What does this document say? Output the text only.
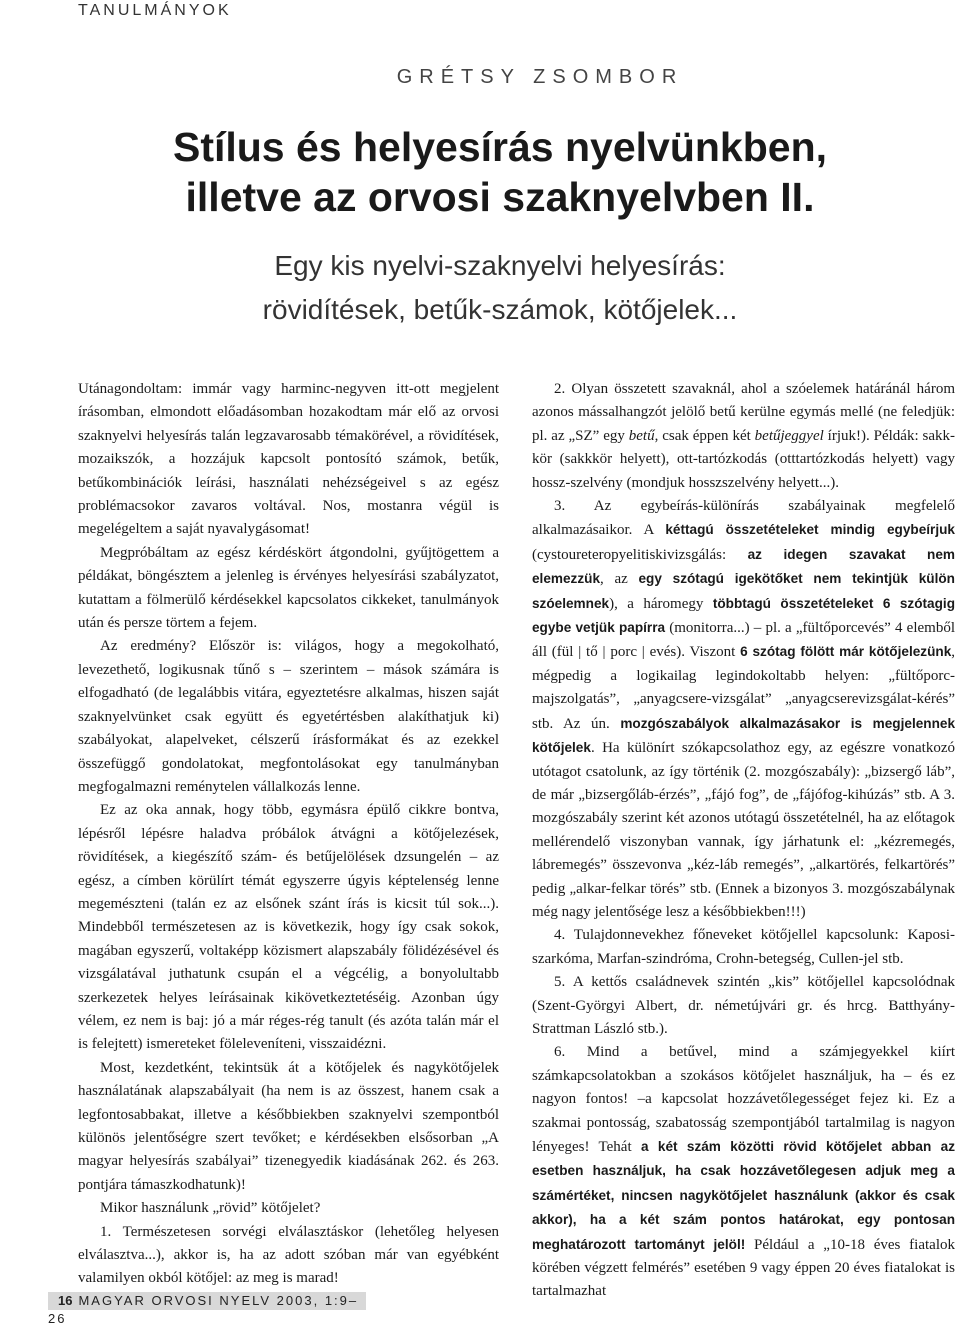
TANULMÁNYOK
GRÉTSY ZSOMBOR
Stílus és helyesírás nyelvünkben,
illetve az orvosi szaknyelvben II.
Egy kis nyelvi-szaknyelvi helyesírás:
rövidítések, betűk-számok, kötőjelek...

Utánagondoltam: immár vagy harminc-negyven itt-ott megjelent írásomban, elmondott előadásomban hozakodtam már elő az orvosi szaknyelvi helyesírás talán legzavarosabb témakörével, a rövidítések, mozaikszók, a hozzájuk kapcsolt pontosító számok, betűk, betűkombinációk leírási, használati nehézségeivel s az egész problémacsokor zavaros voltával. Nos, mostanra végül is megelégeltem a saját nyavalygásomat!

Megpróbáltam az egész kérdéskört átgondolni, gyűjtögettem a példákat, böngésztem a jelenleg is érvényes helyesírási szabályzatot, kutattam a fölmerülő kérdésekkel kapcsolatos cikkeket, tanulmányok után és persze törtem a fejem.

Az eredmény? Először is: világos, hogy a megokolható, levezethető, logikusnak tűnő s – szerintem – mások számára is elfogadható (de legalábbis vitára, egyeztetésre alkalmas, hiszen saját szaknyelvünket csak együtt és egyetértésben alakíthatjuk ki) szabályokat, alapelveket, célszerű írásformákat és az ezekkel összefüggő gondolatokat, megfontolásokat egy tanulmányban megfogalmazni reménytelen vállalkozás lenne.

Ez az oka annak, hogy több, egymásra épülő cikkre bontva, lépésről lépésre haladva próbálok átvágni a kötőjelezések, rövidítések, a kiegészítő szám- és betűjelölések dzsungelén – az egész, a címben körülírt témát egyszerre úgyis képtelenség lenne megemészteni (talán ez az elsőnek szánt írás is kicsit túl sok...). Mindebből természetesen az is következik, hogy így csak sokok, magában egyszerű, voltaképp közismert alapszabály fölidézésével és vizsgálatával juthatunk csupán el a végcélig, a bonyolultabb szerkezetek helyes leírásainak kikövetkeztetéséig. Azonban úgy vélem, ez nem is baj: jó a már réges-rég tanult (és azóta talán már el is felejtett) ismereteket föleleveníteni, visszaidézni.

Most, kezdetként, tekintsük át a kötőjelek és nagykötőjelek használatának alapszabályait (ha nem is az összest, hanem csak a legfontosabbakat, illetve a későbbiekben szaknyelvi szempontból különös jelentőségre szert tevőket; e kérdésekben elsősorban „A magyar helyesírás szabályai” tizenegyedik kiadásának 262. és 263. pontjára támaszkodhatunk)!

Mikor használunk „rövid” kötőjelet?

1. Természetesen sorvégi elválasztáskor (lehetőleg helyesen elválasztva...), akkor is, ha az adott szóban már van egyébként valamilyen okból kötőjel: az meg is marad!

2. Olyan összetett szavaknál, ahol a szóelemek határánál három azonos mássalhangzót jelölő betű kerülne egymás mellé (ne feledjük: pl. az „SZ” egy betű, csak éppen két betűjeggyel írjuk!). Példák: sakk-kör (sakkkör helyett), ott-tartózkodás (otttartózkodás helyett) vagy hossz-szelvény (mondjuk hosszszelvény helyett...).

3. Az egybeírás-különírás szabályainak megfelelő alkalmazásaikor. A kéttagú összetételeket mindig egybeírjuk (cystoureteropyelitiskivizsgálás: az idegen szavakat nem elemezzük, az egy szótagú igekötőket nem tekintjük külön szóelemnek), a háromegy többtagú összetételeket 6 szótagig egybe vetjük papírra (monitorra...) – pl. a „fültőporcevés” 4 elemből áll (fül | tő | porc | evés). Viszont 6 szótag fölött már kötőjelezünk, mégpedig a logikailag legindokoltabb helyen: „fültőporc-majszolgatás”, „anyagcsere-vizsgálat” „anyagcserevizsgálat-kérés” stb. Az ún. mozgószabályok alkalmazásakor is megjelennek kötőjelek. Ha különírt szókapcsolathoz egy, az egészre vonatkozó utótagot csatolunk, az így történik (2. mozgószabály): „bizsergő láb”, de már „bizsergőláb-érzés”, „fájó fog”, de „fájófog-kihúzás” stb. A 3. mozgószabály szerint két azonos utótagú összetételnél, ha az előtagok mellérendelő viszonyban vannak, így járhatunk el: „kézremegés, lábremegés” összevonva „kéz-láb remegés”, „alkartörés, felkartörés” pedig „alkar-felkar törés” stb. (Ennek a bizonyos 3. mozgószabálynak még nagy jelentősége lesz a későbbiekben!!!)

4. Tulajdonnevekhez főneveket kötőjellel kapcsolunk: Kaposi-szarkóma, Marfan-szindróma, Crohn-betegség, Cullen-jel stb.

5. A kettős családnevek szintén „kis” kötőjellel kapcsolódnak (Szent-Györgyi Albert, dr. németújvári gr. és hrcg. Batthyány-Strattman László stb.).

6. Mind a betűvel, mind a számjegyekkel kiírt számkapcsolatokban a szokásos kötőjelet használjuk, ha – és ez nagyon fontos! –a kapcsolat hozzávetőlegességet fejez ki. Ez a szakmai pontosság, szabatosság szempontjából tartalmilag is nagyon lényeges! Tehát a két szám közötti rövid kötőjelet abban az esetben használjuk, ha csak hozzávetőlegesen adjuk meg a számértéket, nincsen nagykötőjelet használunk (akkor és csak akkor), ha a két szám pontos határokat, egy pontosan meghatározott tartományt jelöl! Például a „10-18 éves fiatalok körében végzett felmérés” esetében 9 vagy éppen 20 éves fiatalokat is tartalmazhat

16 MAGYAR ORVOSI NYELV 2003, 1:9–26
